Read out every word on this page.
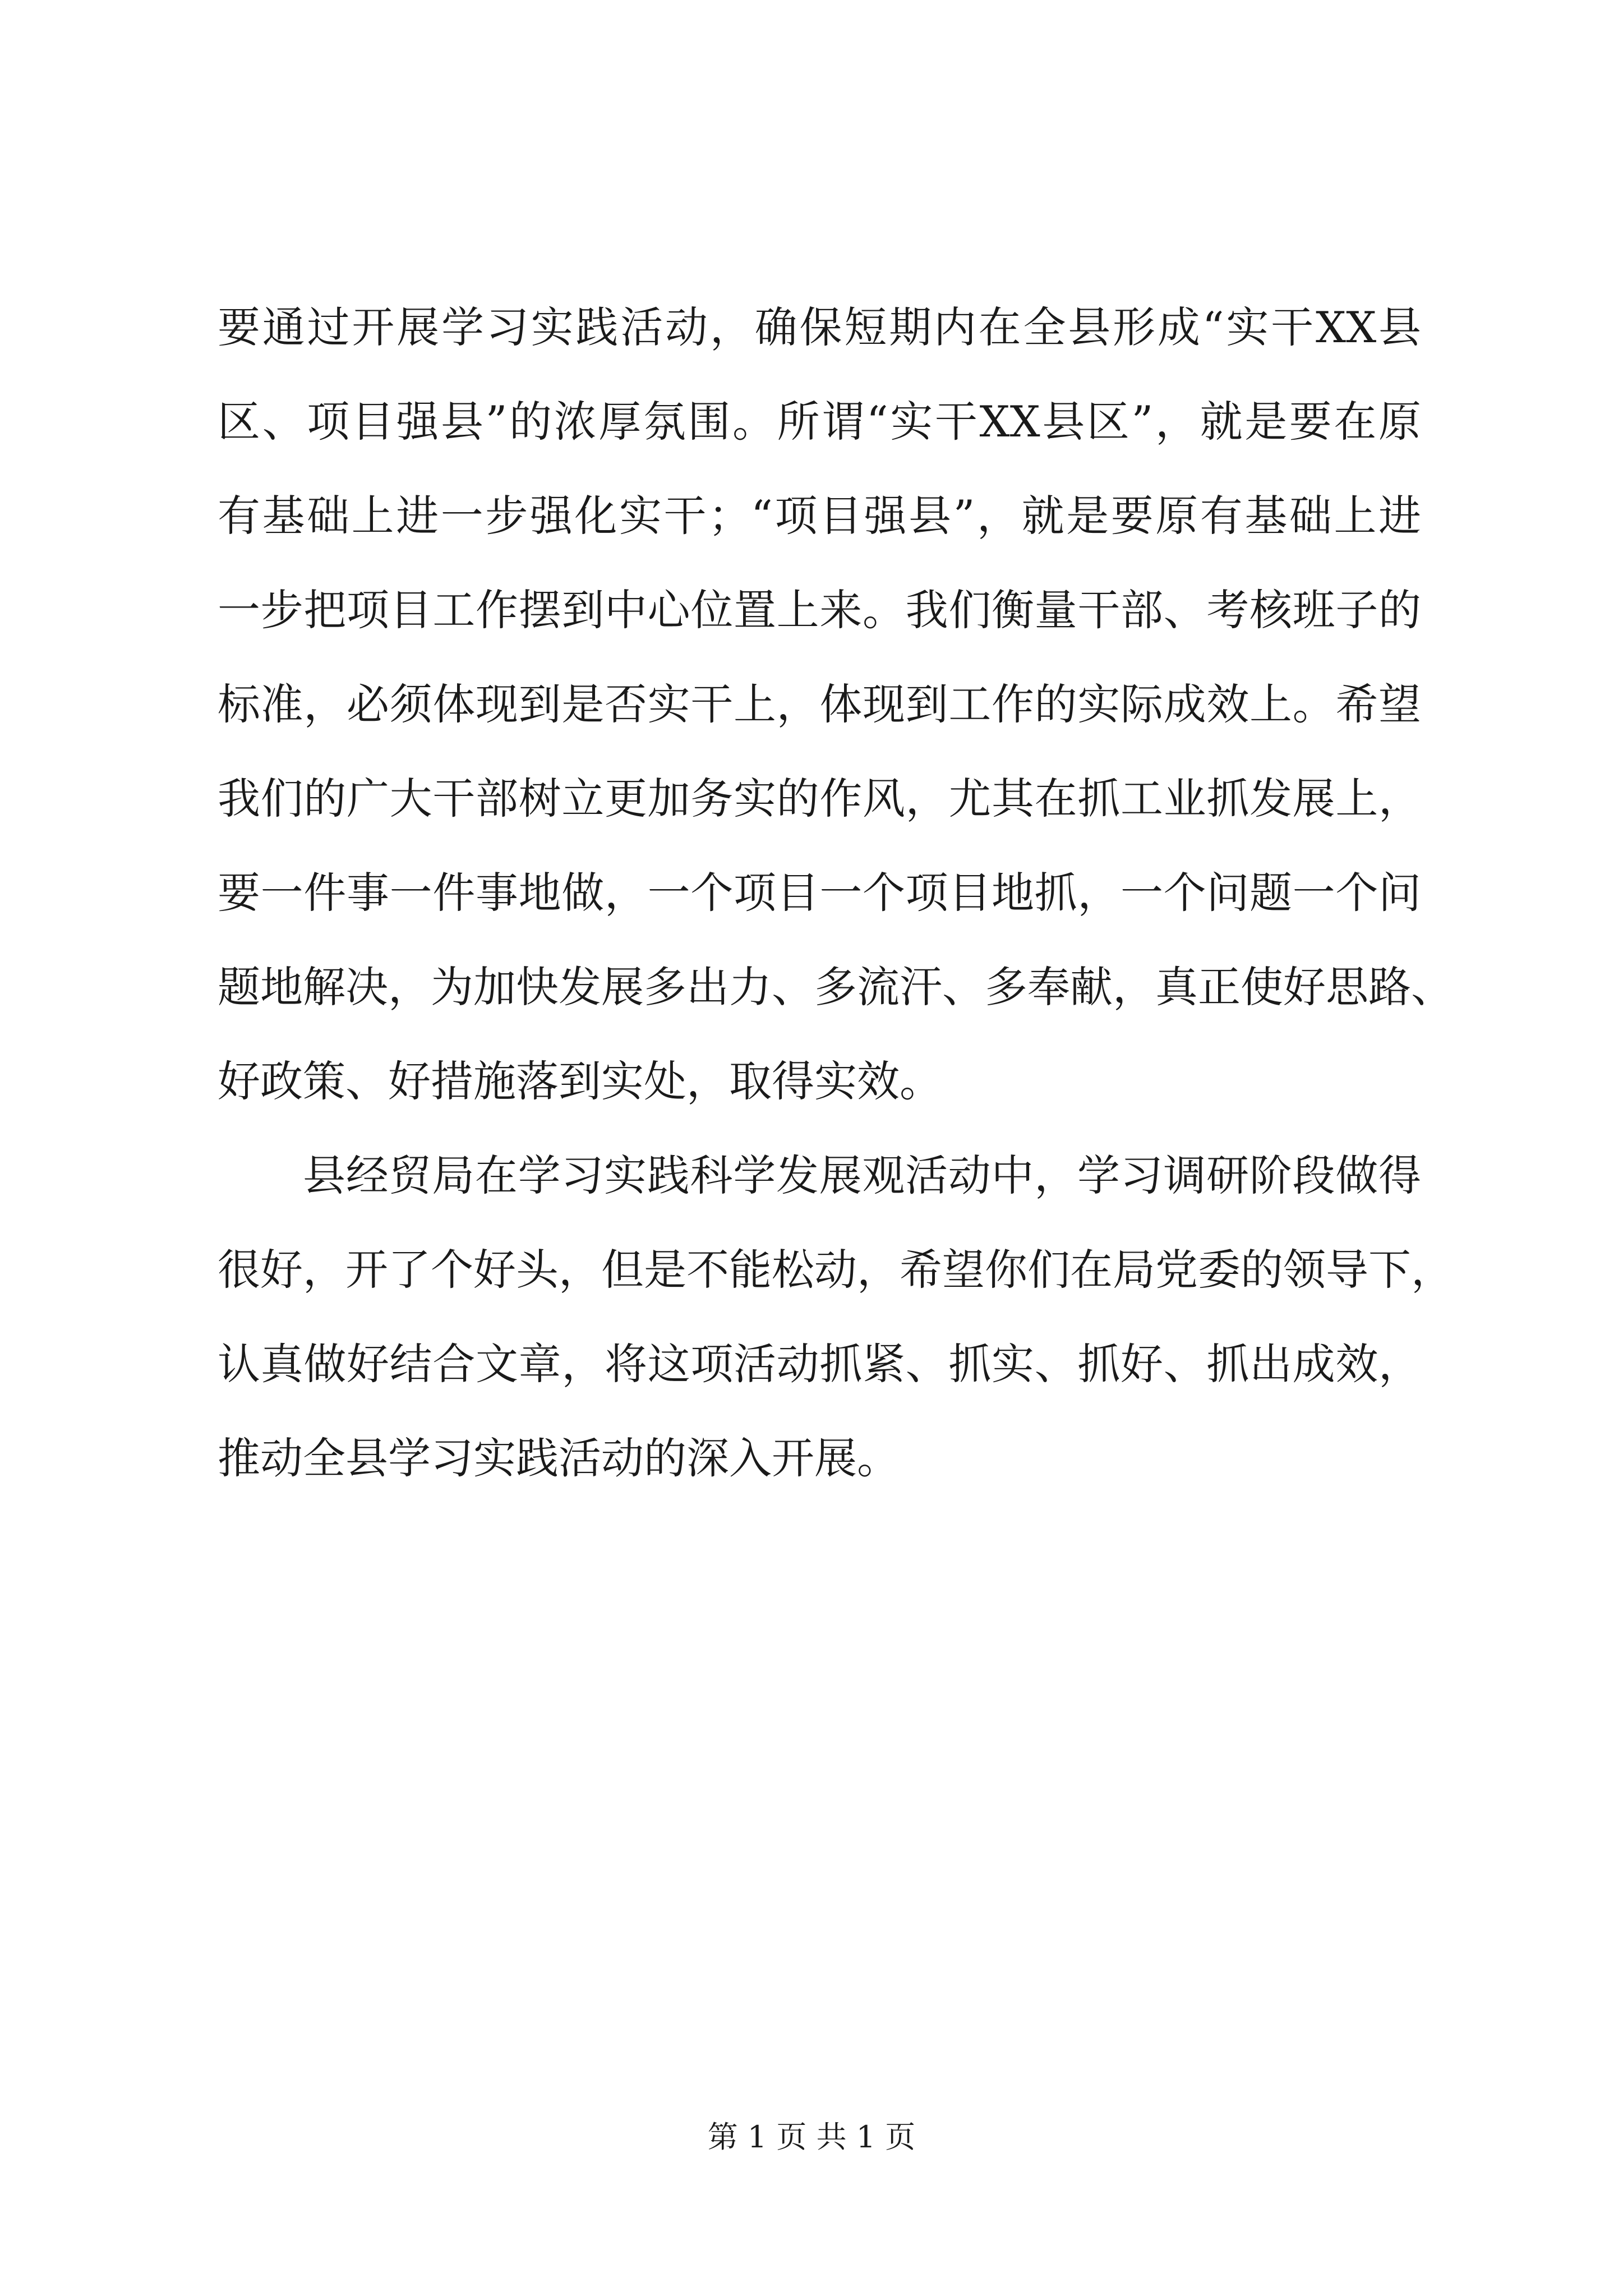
要通过开展学习实践活动，确保短期内在全县形成“实干XX县
区、项目强县”的浓厚氛围。所谓“实干XX县区”，就是要在原
有基础上进一步强化实干；“项目强县”，就是要原有基础上进
一步把项目工作摆到中心位置上来。我们衡量干部、考核班子的
标准，必须体现到是否实干上，体现到工作的实际成效上。希望
我们的广大干部树立更加务实的作风，尤其在抓工业抓发展上，
要一件事一件事地做，一个项目一个项目地抓，一个问题一个问
题地解决，为加快发展多出力、多流汗、多奉献，真正使好思路、
好政策、好措施落到实处，取得实效。
县经贸局在学习实践科学发展观活动中，学习调研阶段做得
很好，开了个好头，但是不能松动，希望你们在局党委的领导下，
认真做好结合文章，将这项活动抓紧、抓实、抓好、抓出成效，
推动全县学习实践活动的深入开展。
第 1 页 共 1 页
